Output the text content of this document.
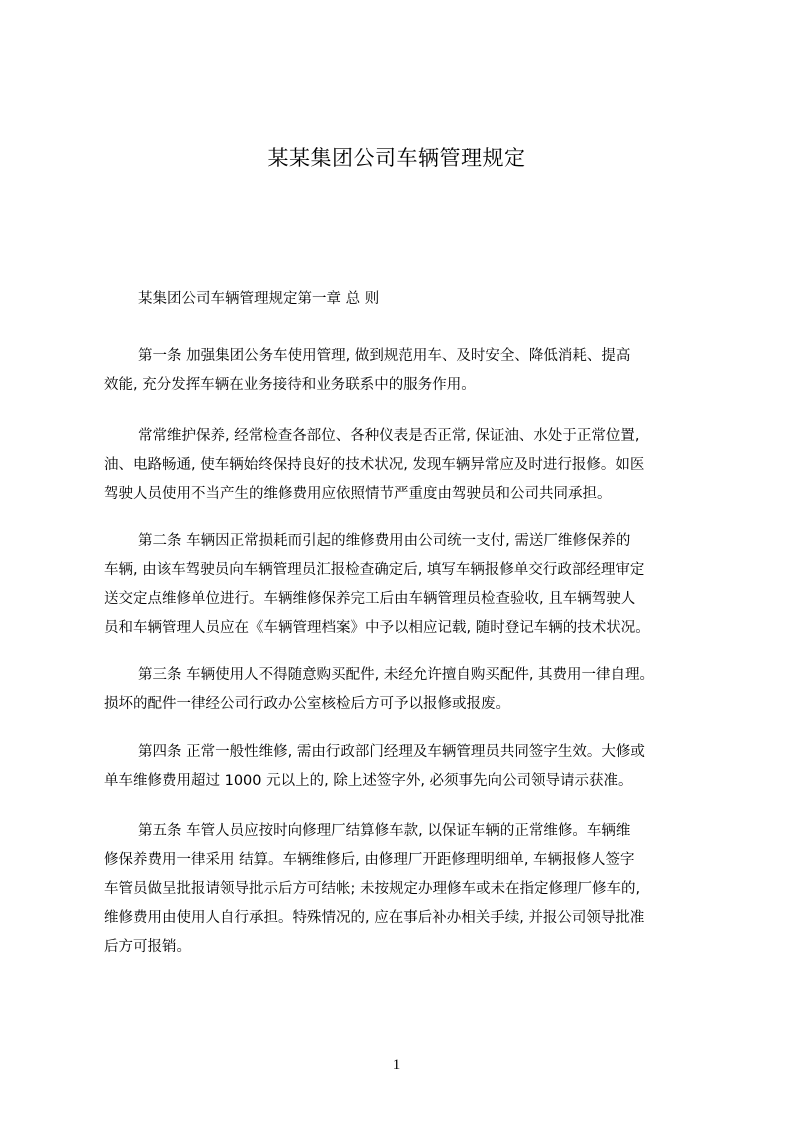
某某集团公司车辆管理规定
某集团公司车辆管理规定第一章 总 则
第一条 加强集团公务车使用管理, 做到规范用车、及时安全、降低消耗、提高
效能, 充分发挥车辆在业务接待和业务联系中的服务作用。
常常维护保养, 经常检查各部位、各种仪表是否正常, 保证油、水处于正常位置,
油、电路畅通, 使车辆始终保持良好的技术状况, 发现车辆异常应及时进行报修。如医
驾驶人员使用不当产生的维修费用应依照情节严重度由驾驶员和公司共同承担。
第二条 车辆因正常损耗而引起的维修费用由公司统一支付, 需送厂维修保养的
车辆, 由该车驾驶员向车辆管理员汇报检查确定后, 填写车辆报修单交行政部经理审定
送交定点维修单位进行。车辆维修保养完工后由车辆管理员检查验收, 且车辆驾驶人
员和车辆管理人员应在《车辆管理档案》中予以相应记载, 随时登记车辆的技术状况。
第三条 车辆使用人不得随意购买配件, 未经允许擅自购买配件, 其费用一律自理。
损坏的配件一律经公司行政办公室核检后方可予以报修或报废。
第四条 正常一般性维修, 需由行政部门经理及车辆管理员共同签字生效。大修或
单车维修费用超过 1000 元以上的, 除上述签字外, 必须事先向公司领导请示获准。
第五条 车管人员应按时向修理厂结算修车款, 以保证车辆的正常维修。车辆维
修保养费用一律采用 结算。车辆维修后, 由修理厂开距修理明细单, 车辆报修人签字
车管员做呈批报请领导批示后方可结帐; 未按规定办理修车或未在指定修理厂修车的,
维修费用由使用人自行承担。特殊情况的, 应在事后补办相关手续, 并报公司领导批准
后方可报销。
1
